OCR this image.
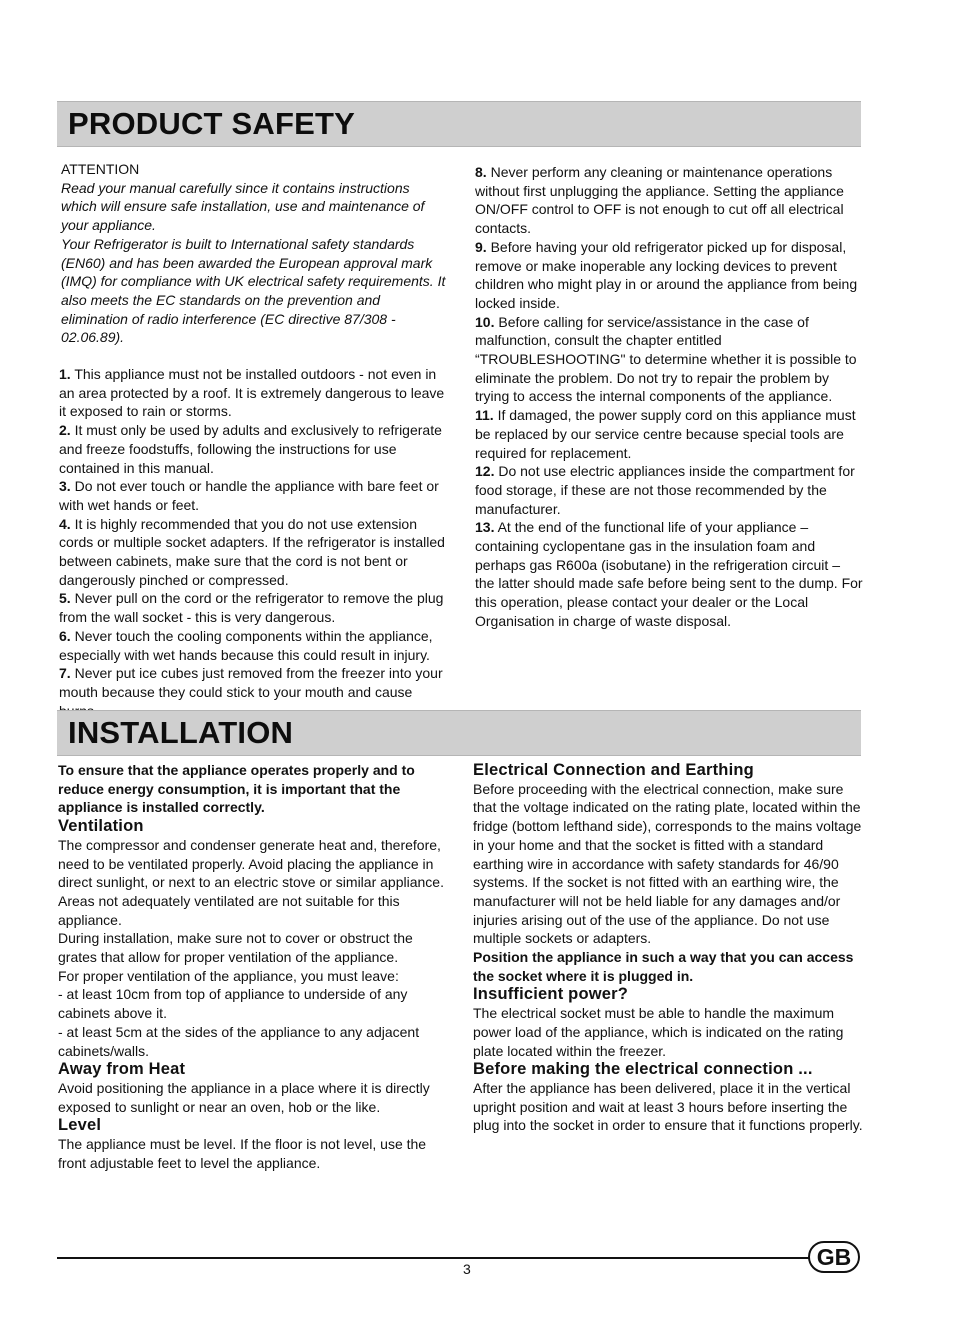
PRODUCT SAFETY

ATTENTION

Read your manual carefully since it contains instructions which will ensure safe installation, use and maintenance of your appliance.

Your Refrigerator is built to International safety standards (EN60) and has been awarded the European approval mark (IMQ) for compliance with UK electrical safety requirements. It also meets the EC standards on the prevention and elimination of radio interference (EC directive 87/308 - 02.06.89).

1. This appliance must not be installed outdoors - not even in an area protected by a roof. It is extremely dangerous to leave it exposed to rain or storms.

2. It must only be used by adults and exclusively to refrigerate and freeze foodstuffs, following the instructions for use contained in this manual.

3. Do not ever touch or handle the appliance with bare feet or with wet hands or feet.

4. It is highly recommended that you do not use extension cords or multiple socket adapters. If the refrigerator is installed between cabinets, make sure that the cord is not bent or dangerously pinched or compressed.

5. Never pull on the cord or the refrigerator to remove the plug from the wall socket - this is very dangerous.

6. Never touch the cooling components within the appliance, especially with wet hands because this could result in injury.

7. Never put ice cubes just removed from the freezer into your mouth because they could stick to your mouth and cause

8. Never perform any cleaning or maintenance operations without first unplugging the appliance. Setting the appliance ON/OFF control to OFF is not enough to cut off all electrical contacts.

9. Before having your old refrigerator picked up for disposal, remove or make inoperable any locking devices to prevent children who might play in or around the appliance from being locked inside.

10. Before calling for service/assistance in the case of malfunction, consult the chapter entitled “TROUBLESHOOTING" to determine whether it is possible to eliminate the problem. Do not try to repair the problem by trying to access the internal components of the appliance.

11. If damaged, the power supply cord on this appliance must be replaced by our service centre because special tools are required for replacement.

12. Do not use electric appliances inside the compartment for food storage, if these are not those recommended by the manufacturer.

13. At the end of the functional life of your appliance – containing cyclopentane gas in the insulation foam and perhaps gas R600a (isobutane) in the refrigeration circuit – the latter should made safe before being sent to the dump. For this operation, please contact your dealer or the Local Organisation in charge of waste disposal.

INSTALLATION

To ensure that the appliance operates properly and to reduce energy consumption, it is important that the appliance is installed correctly.

Ventilation

The compressor and condenser generate heat and, therefore, need to be ventilated properly. Avoid placing the appliance in direct sunlight, or next to an electric stove or similar appliance. Areas not adequately ventilated are not suitable for this appliance.

During installation, make sure not to cover or obstruct the grates that allow for proper ventilation of the appliance.

For proper ventilation of the appliance, you must leave:

- at least 10cm from top of appliance to underside of any cabinets above it.

- at least 5cm at the sides of the appliance to any adjacent cabinets/walls.

Away from Heat

Avoid positioning the appliance in a place where it is directly exposed to sunlight or near an oven, hob or the like.

Level

The appliance must be level. If the floor is not level, use the front adjustable feet to level the appliance.

Electrical Connection and Earthing

Before proceeding with the electrical connection, make sure that the voltage indicated on the rating plate, located within the fridge (bottom lefthand side), corresponds to the mains voltage in your home and that the socket is fitted with a standard earthing wire in accordance with safety standards for 46/90 systems. If the socket is not fitted with an earthing wire, the manufacturer will not be held liable for any damages and/or injuries arising out of the use of the appliance. Do not use multiple sockets or adapters.

Position the appliance in such a way that you can access the socket where it is plugged in.

Insufficient power?

The electrical socket must be able to handle the maximum power load of the appliance, which is indicated on the rating plate located within the freezer.

Before making the electrical connection ...

After the appliance has been delivered, place it in the vertical upright position and wait at least 3 hours before inserting the plug into the socket in order to ensure that it functions properly.

3	GB
